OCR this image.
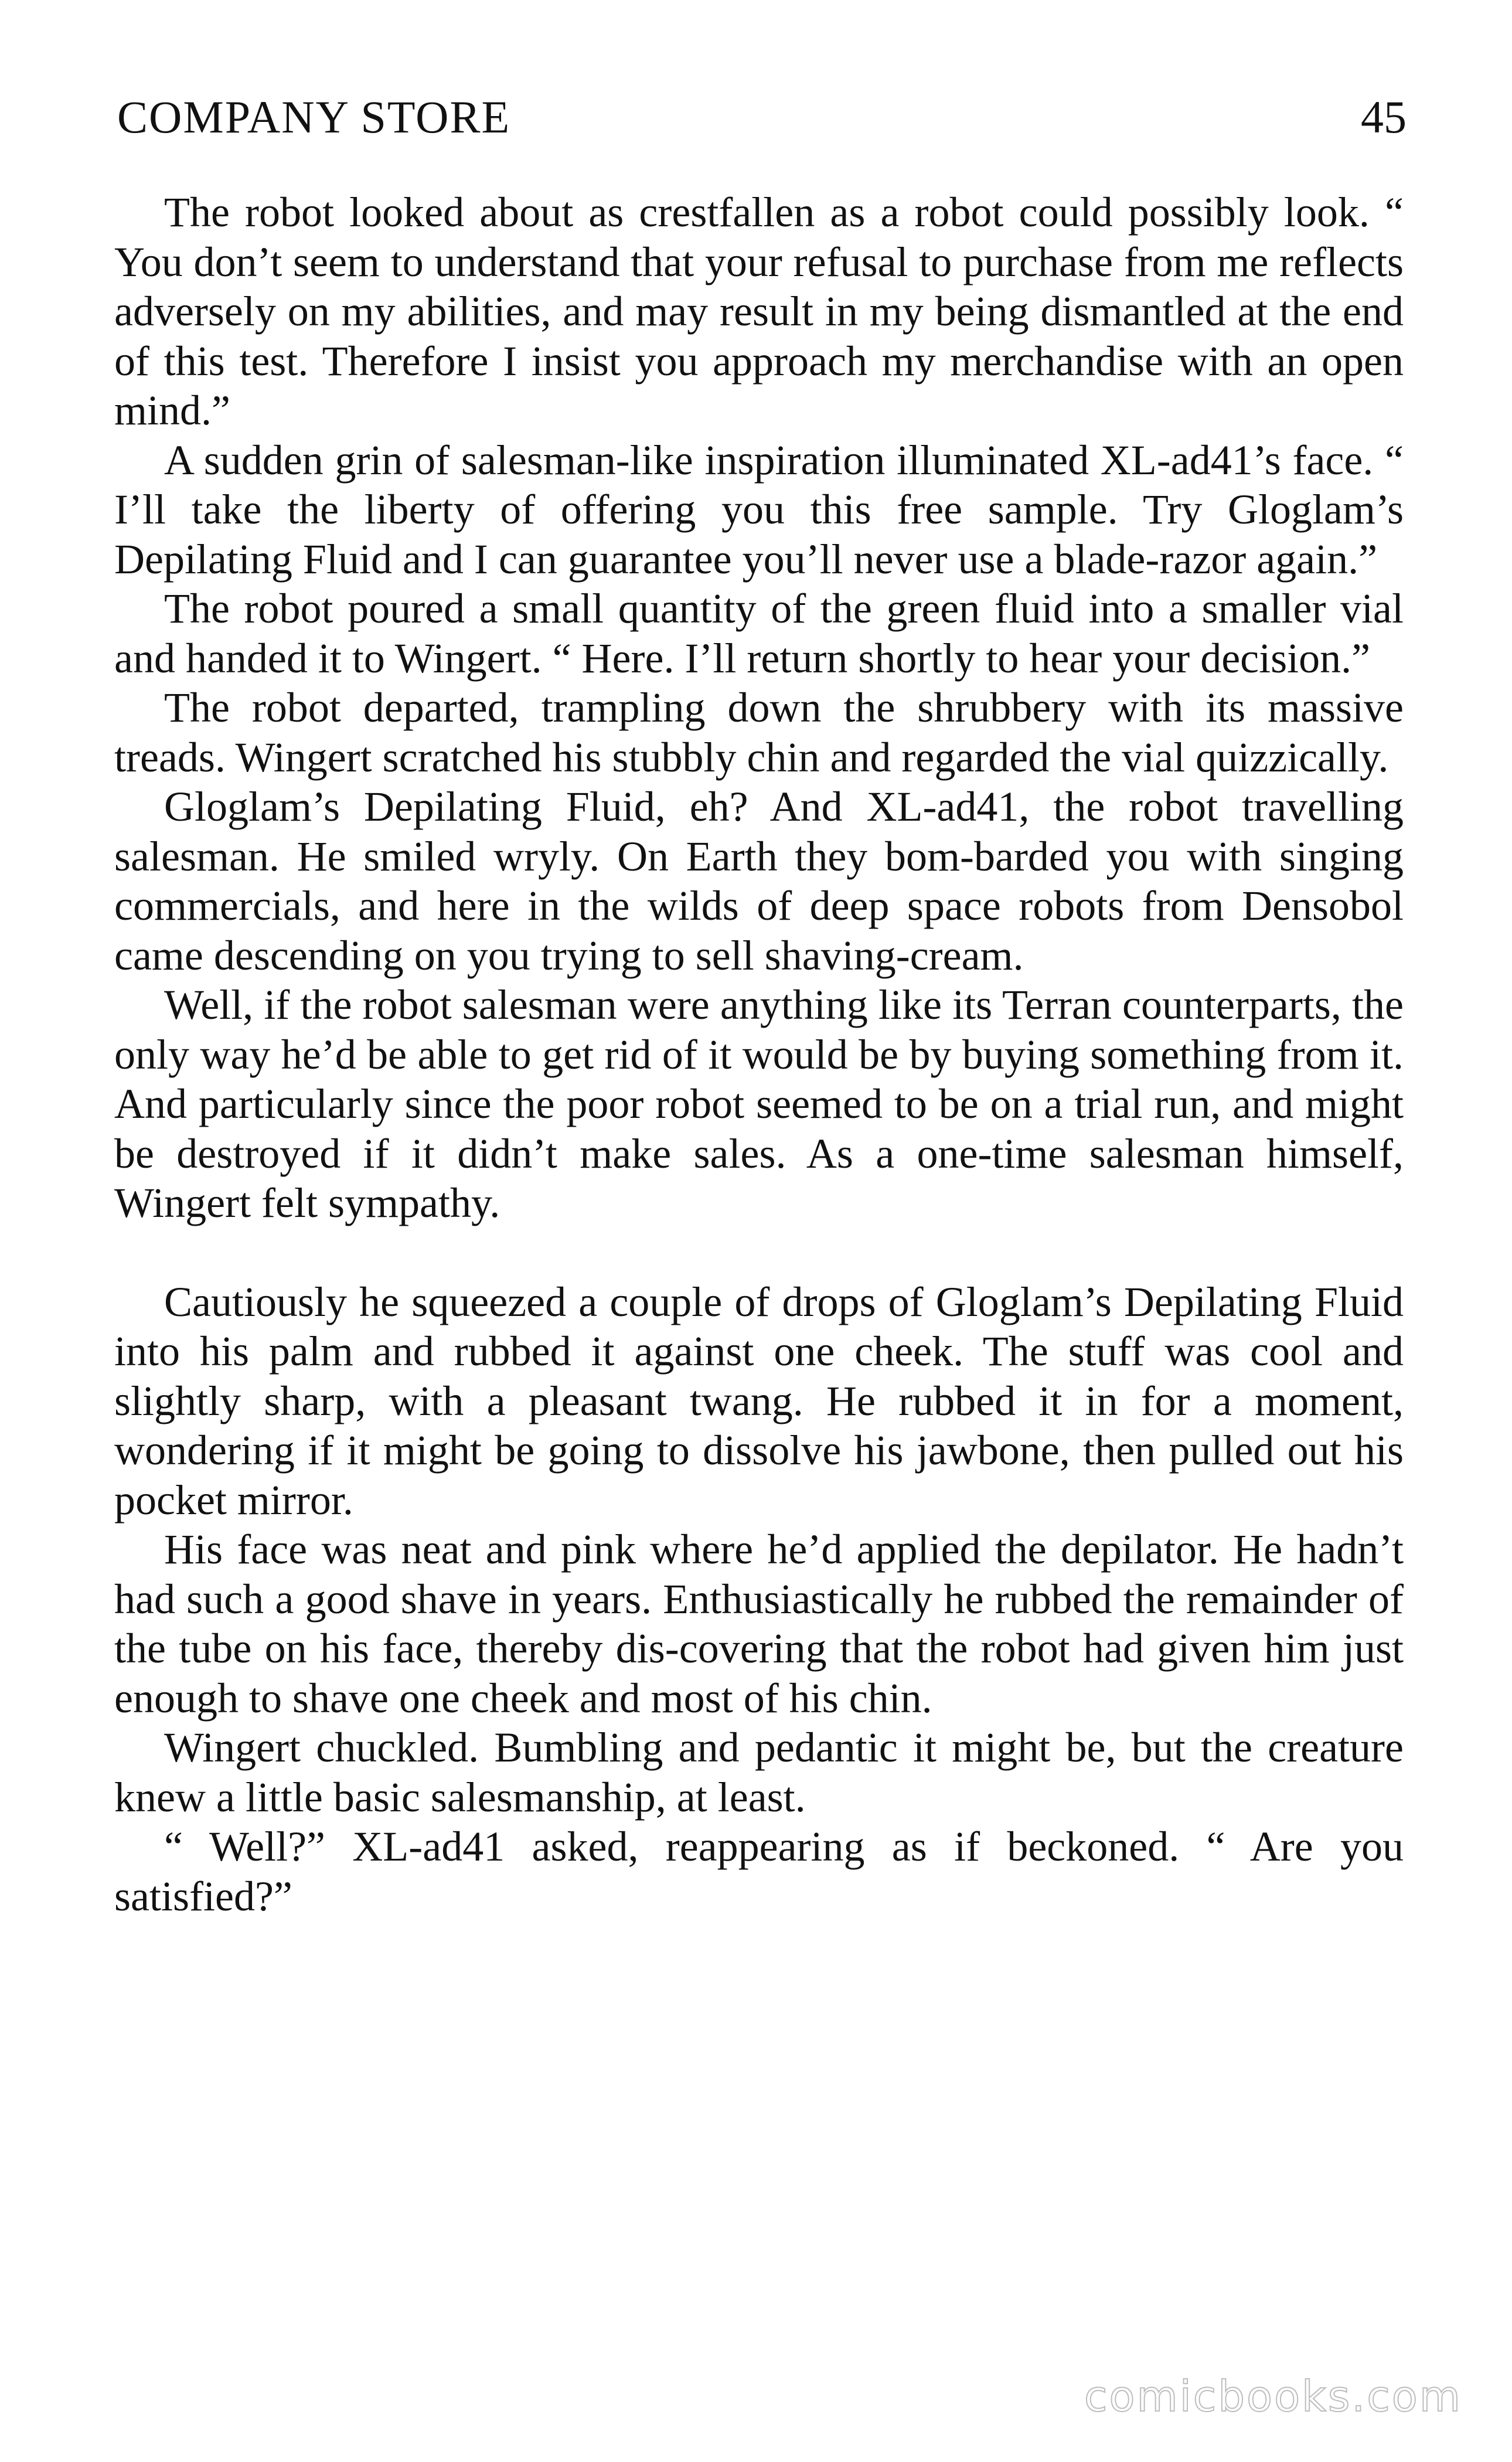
COMPANY STORE	45

The robot looked about as crestfallen as a robot could possibly look. “ You don’t seem to understand that your refusal to purchase from me reflects adversely on my abilities, and may result in my being dismantled at the end of this test. Therefore I insist you approach my merchandise with an open mind.”

A sudden grin of salesman-like inspiration illuminated XL-ad41’s face. “ I’ll take the liberty of offering you this free sample. Try Gloglam’s Depilating Fluid and I can guarantee you’ll never use a blade-razor again.”

The robot poured a small quantity of the green fluid into a smaller vial and handed it to Wingert. “ Here. I’ll return shortly to hear your decision.”

The robot departed, trampling down the shrubbery with its massive treads. Wingert scratched his stubbly chin and regarded the vial quizzically.

Gloglam’s Depilating Fluid, eh? And XL-ad41, the robot travelling salesman. He smiled wryly. On Earth they bom-barded you with singing commercials, and here in the wilds of deep space robots from Densobol came descending on you trying to sell shaving-cream.

Well, if the robot salesman were anything like its Terran counterparts, the only way he’d be able to get rid of it would be by buying something from it. And particularly since the poor robot seemed to be on a trial run, and might be destroyed if it didn’t make sales. As a one-time salesman himself, Wingert felt sympathy.

Cautiously he squeezed a couple of drops of Gloglam’s Depilating Fluid into his palm and rubbed it against one cheek. The stuff was cool and slightly sharp, with a pleasant twang. He rubbed it in for a moment, wondering if it might be going to dissolve his jawbone, then pulled out his pocket mirror.

His face was neat and pink where he’d applied the depilator. He hadn’t had such a good shave in years. Enthusiastically he rubbed the remainder of the tube on his face, thereby dis-covering that the robot had given him just enough to shave one cheek and most of his chin.

Wingert chuckled. Bumbling and pedantic it might be, but the creature knew a little basic salesmanship, at least.

“ Well?” XL-ad41 asked, reappearing as if beckoned. “ Are you satisfied?”

comicbooks.com
